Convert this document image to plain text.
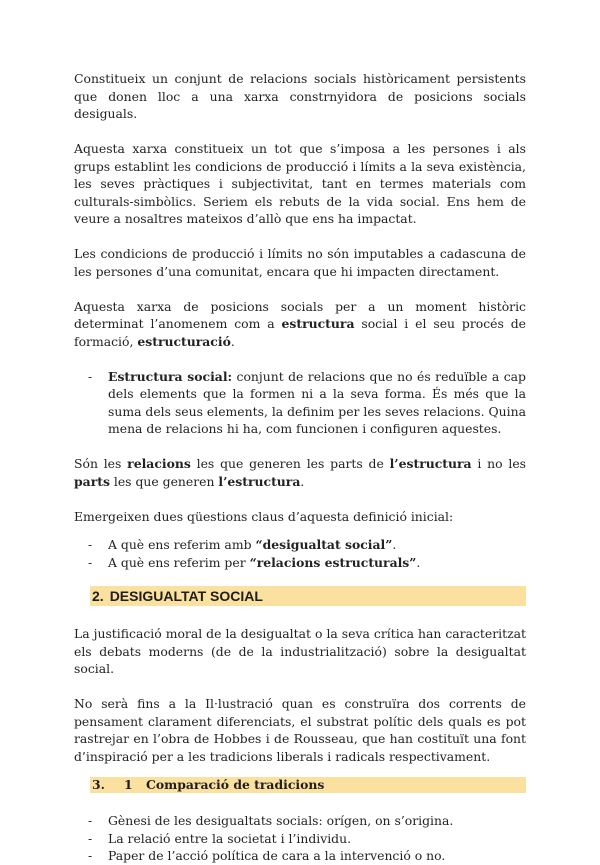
Constitueix un conjunt de relacions socials històricament persistents que donen lloc a una xarxa constrnyidora de posicions socials desiguals.

Aquesta xarxa constitueix un tot que s’imposa a les persones i als grups establint les condicions de producció i límits a la seva existència, les seves pràctiques i subjectivitat, tant en termes materials com culturals-simbòlics. Seriem els rebuts de la vida social. Ens hem de veure a nosaltres mateixos d’allò que ens ha impactat.

Les condicions de producció i límits no són imputables a cadascuna de les persones d’una comunitat, encara que hi impacten directament.

Aquesta xarxa de posicions socials per a un moment històric determinat l’anomenem com a estructura social i el seu procés de formació, estructuració.

- Estructura social: conjunt de relacions que no és reduïble a cap dels elements que la formen ni a la seva forma. És més que la suma dels seus elements, la definim per les seves relacions. Quina mena de relacions hi ha, com funcionen i configuren aquestes.

Són les relacions les que generen les parts de l’estructura i no les parts les que generen l’estructura.

Emergeixen dues qüestions claus d’aquesta definició inicial:

- A què ens referim amb “desigualtat social”.
- A què ens referim per “relacions estructurals”.
2. DESIGUALTAT SOCIAL

La justificació moral de la desigualtat o la seva crítica han caracteritzat els debats moderns (de de la industrialització) sobre la desigualtat social.

No serà fins a la Il·lustració quan es construïra dos corrents de pensament clarament diferenciats, el substrat polític dels quals es pot rastrejar en l’obra de Hobbes i de Rousseau, que han costituït una font d’inspiració per a les tradicions liberals i radicals respectivament.

3. 1 Comparació de tradicions
- Gènesi de les desigualtats socials: orígen, on s’origina.
- La relació entre la societat i l’individu.
- Paper de l’acció política de cara a la intervenció o no.
